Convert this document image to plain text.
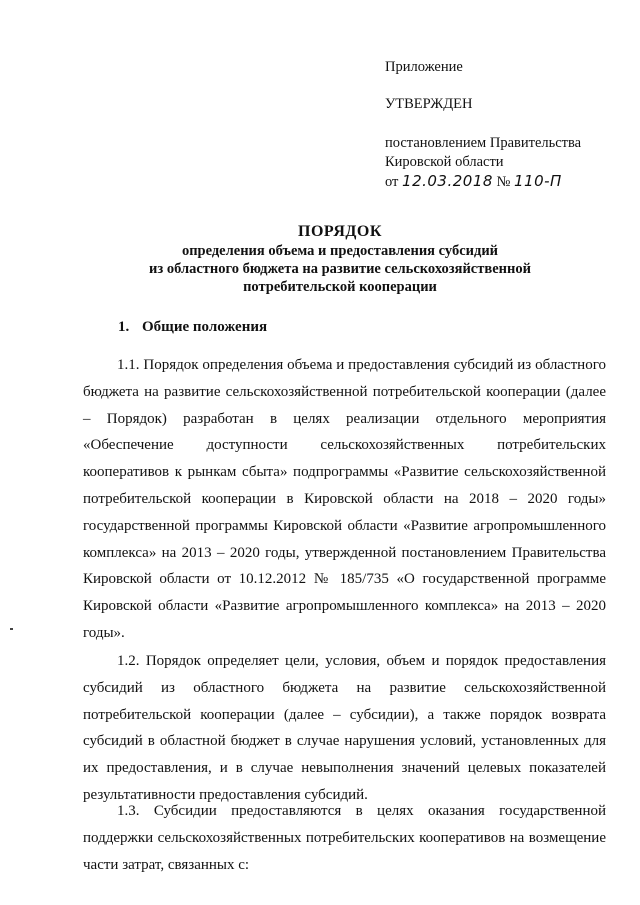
Приложение
УТВЕРЖДЕН
постановлением Правительства
Кировской области
от 12.03.2018 № 110-П
ПОРЯДОК
определения объема и предоставления субсидий
из областного бюджета на развитие сельскохозяйственной
потребительской кооперации
1. Общие положения
1.1. Порядок определения объема и предоставления субсидий из областного бюджета на развитие сельскохозяйственной потребительской кооперации (далее – Порядок) разработан в целях реализации отдельного мероприятия «Обеспечение доступности сельскохозяйственных потребительских кооперативов к рынкам сбыта» подпрограммы «Развитие сельскохозяйственной потребительской кооперации в Кировской области на 2018 – 2020 годы» государственной программы Кировской области «Развитие агропромышленного комплекса» на 2013 – 2020 годы, утвержденной постановлением Правительства Кировской области от 10.12.2012 № 185/735 «О государственной программе Кировской области «Развитие агропромышленного комплекса» на 2013 – 2020 годы».
1.2. Порядок определяет цели, условия, объем и порядок предоставления субсидий из областного бюджета на развитие сельскохозяйственной потребительской кооперации (далее – субсидии), а также порядок возврата субсидий в областной бюджет в случае нарушения условий, установленных для их предоставления, и в случае невыполнения значений целевых показателей результативности предоставления субсидий.
1.3. Субсидии предоставляются в целях оказания государственной поддержки сельскохозяйственных потребительских кооперативов на возмещение части затрат, связанных с:
